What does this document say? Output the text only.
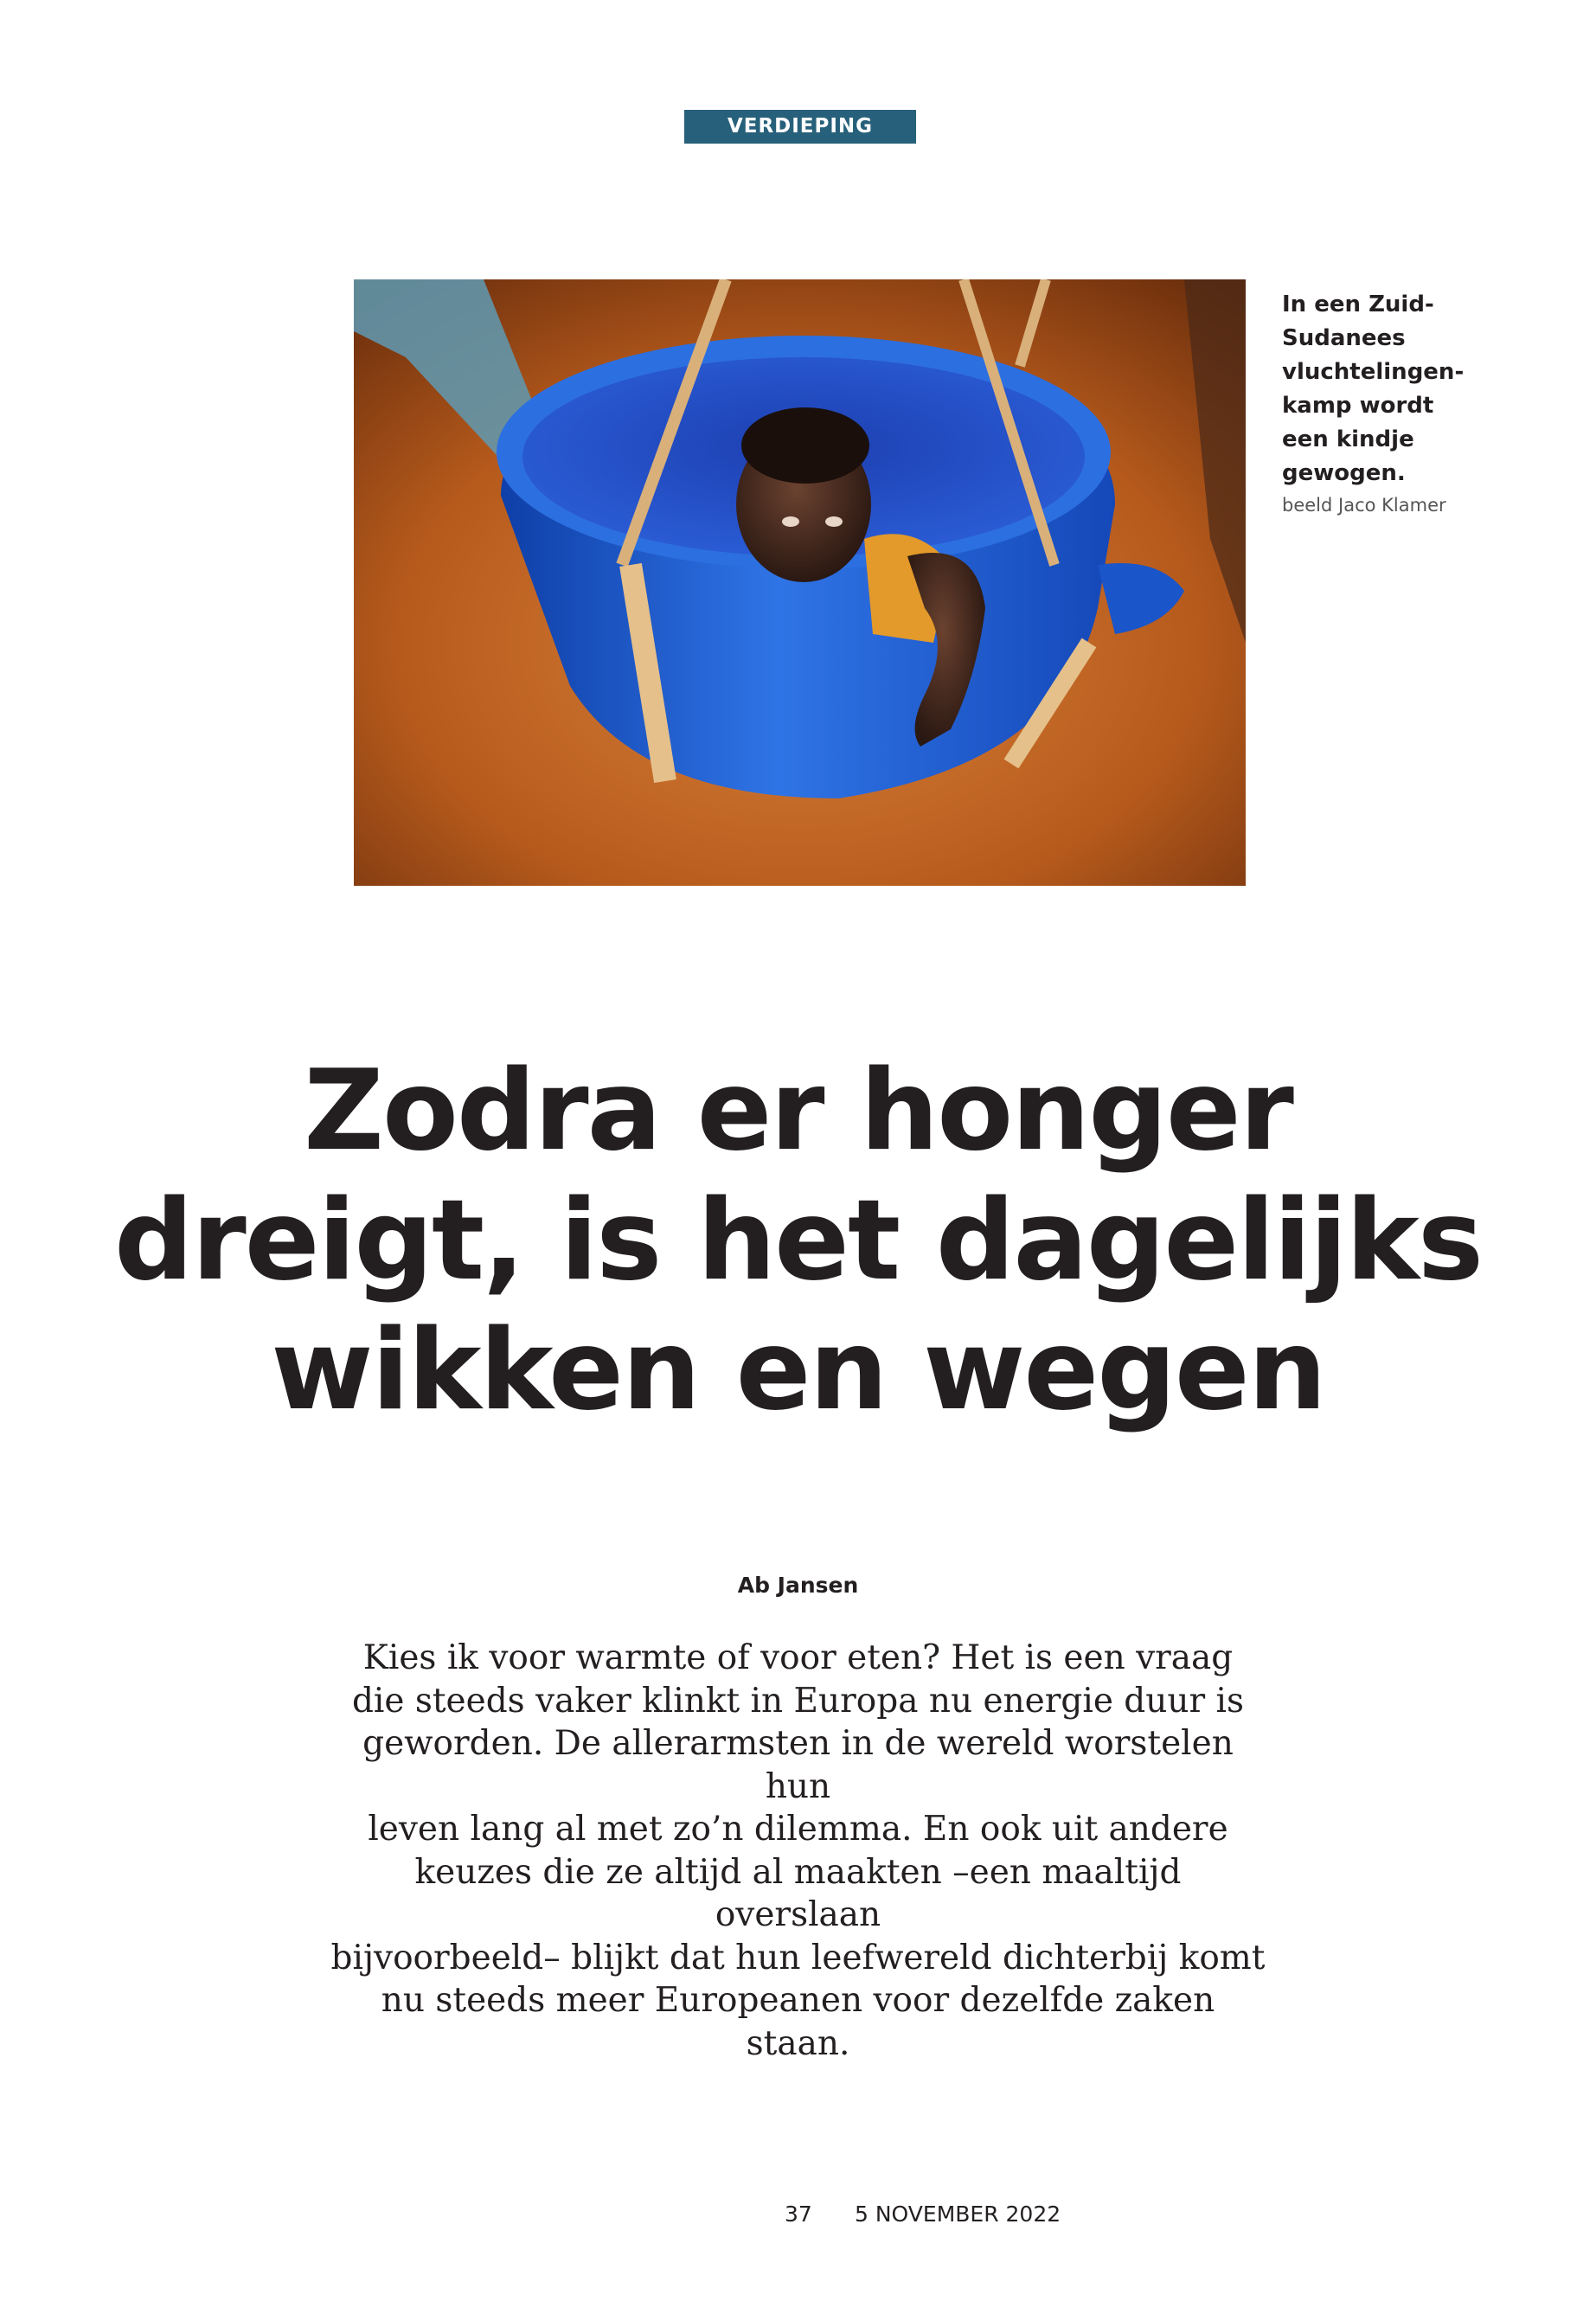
VERDIEPING

In een Zuid-
Sudanees
vluchtelingen-
kamp wordt
een kindje
gewogen.

beeld Jaco Klamer

Zodra er honger
dreigt, is het dagelijks
wikken en wegen
Ab Jansen

Kies ik voor warmte of voor eten? Het is een vraag
die steeds vaker klinkt in Europa nu energie duur is
geworden. De allerarmsten in de wereld worstelen hun
leven lang al met zo’n dilemma. En ook uit andere
keuzes die ze altijd al maakten –een maaltijd overslaan
bijvoorbeeld– blijkt dat hun leefwereld dichterbij komt
nu steeds meer Europeanen voor dezelfde zaken staan.

37 5 NOVEMBER 2022
